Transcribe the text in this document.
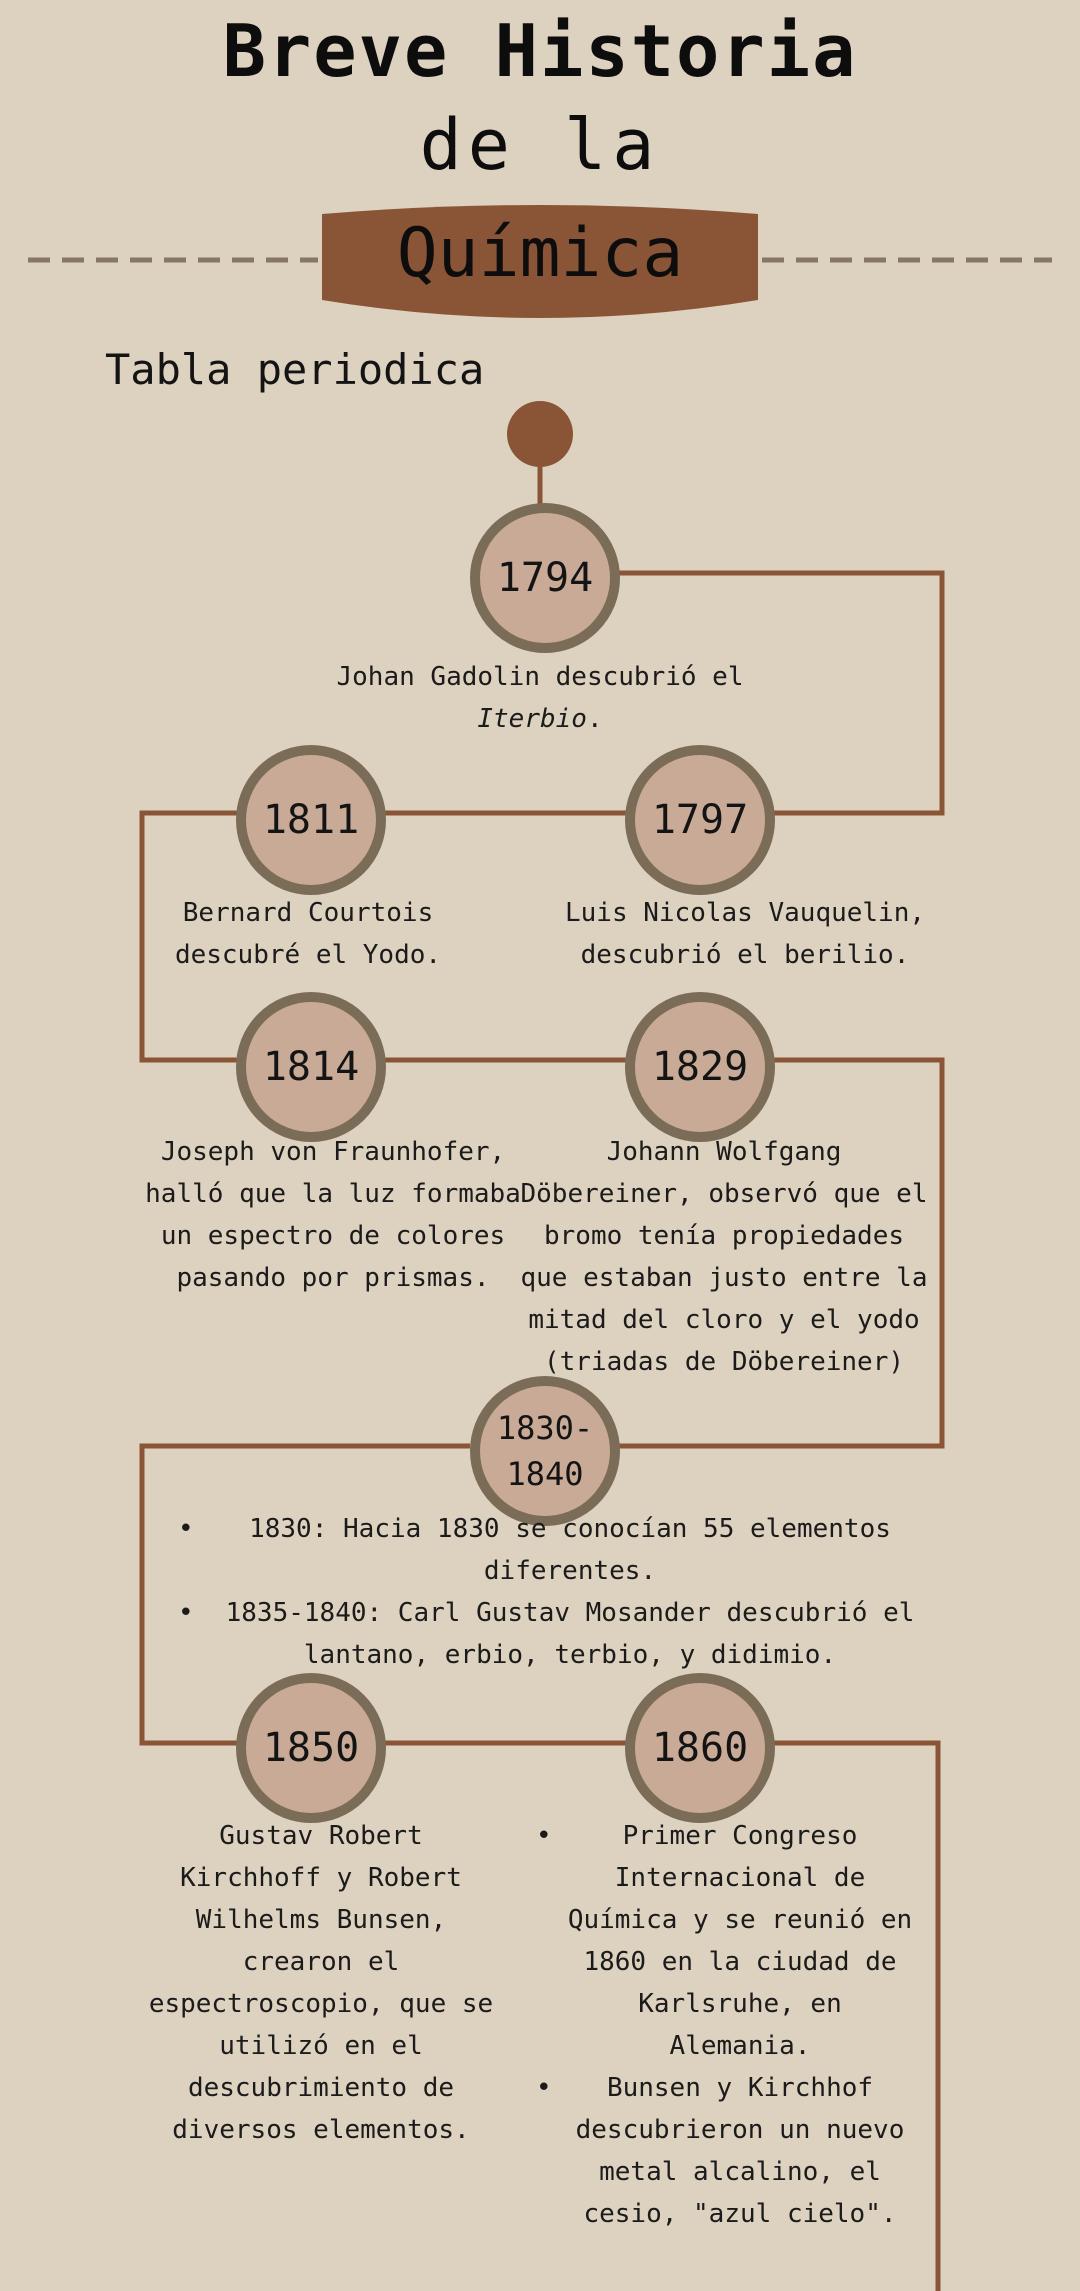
Breve Historia
de la
Química
Tabla periodica
1794
Johan Gadolin descubrió el
Iterbio.
1811
Bernard Courtois descubré el Yodo.
1797
Luis Nicolas Vauquelin, descubrió el berilio.
1814
Joseph von Fraunhofer, halló que la luz formaba un espectro de colores pasando por prismas.
1829
Johann Wolfgang Döbereiner, observó que el bromo tenía propiedades que estaban justo entre la mitad del cloro y el yodo (triadas de Döbereiner)
1830-1840
• 1830: Hacia 1830 se conocían 55 elementos diferentes.
• 1835-1840: Carl Gustav Mosander descubrió el lantano, erbio, terbio, y didimio.
1850
Gustav Robert Kirchhoff y Robert Wilhelms Bunsen, crearon el espectroscopio, que se utilizó en el descubrimiento de diversos elementos.
1860
•	Primer Congreso Internacional de Química y se reunió en 1860 en la ciudad de Karlsruhe, en Alemania.
• Bunsen y Kirchhof descubrieron un nuevo metal alcalino, el cesio, "azul cielo".
